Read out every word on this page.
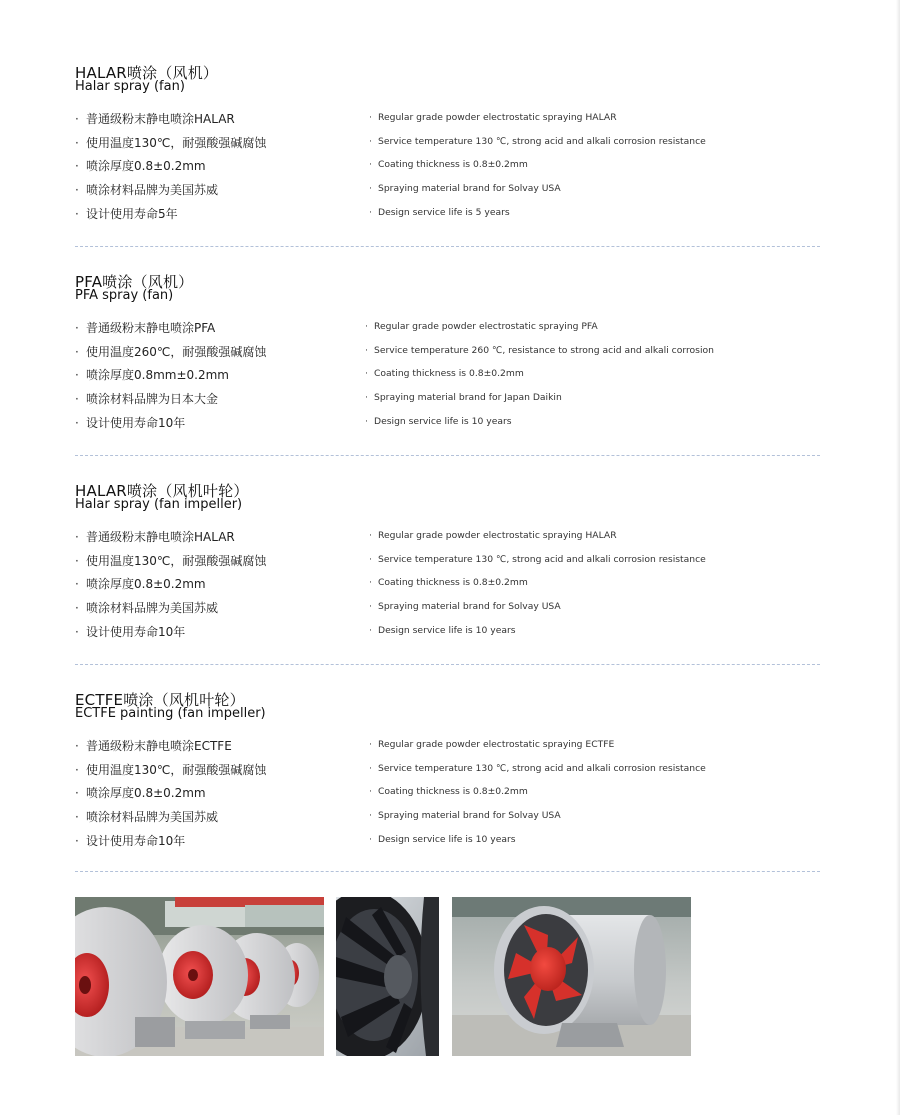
HALAR喷涂（风机）
Halar spray (fan)
· 普通级粉末静电喷涂HALAR	· Regular grade powder electrostatic spraying HALAR
· 使用温度130℃，耐强酸强碱腐蚀	· Service temperature 130 ℃, strong acid and alkali corrosion resistance
· 喷涂厚度0.8±0.2mm	· Coating thickness is 0.8±0.2mm
· 喷涂材料品牌为美国苏威	· Spraying material brand for Solvay USA
· 设计使用寿命5年	· Design service life is 5 years
PFA喷涂（风机）
PFA spray (fan)
· 普通级粉末静电喷涂PFA	· Regular grade powder electrostatic spraying PFA
· 使用温度260℃，耐强酸强碱腐蚀	· Service temperature 260 ℃, resistance to strong acid and alkali corrosion
· 喷涂厚度0.8mm±0.2mm	· Coating thickness is 0.8±0.2mm
· 喷涂材料品牌为日本大金	· Spraying material brand for Japan Daikin
· 设计使用寿命10年	· Design service life is 10 years
HALAR喷涂（风机叶轮）
Halar spray (fan impeller)
· 普通级粉末静电喷涂HALAR	· Regular grade powder electrostatic spraying HALAR
· 使用温度130℃，耐强酸强碱腐蚀	· Service temperature 130 ℃, strong acid and alkali corrosion resistance
· 喷涂厚度0.8±0.2mm	· Coating thickness is 0.8±0.2mm
· 喷涂材料品牌为美国苏威	· Spraying material brand for Solvay USA
· 设计使用寿命10年	· Design service life is 10 years
ECTFE喷涂（风机叶轮）
ECTFE painting (fan impeller)
· 普通级粉末静电喷涂ECTFE	· Regular grade powder electrostatic spraying ECTFE
· 使用温度130℃，耐强酸强碱腐蚀	· Service temperature 130 ℃, strong acid and alkali corrosion resistance
· 喷涂厚度0.8±0.2mm	· Coating thickness is 0.8±0.2mm
· 喷涂材料品牌为美国苏威	· Spraying material brand for Solvay USA
· 设计使用寿命10年	· Design service life is 10 years
